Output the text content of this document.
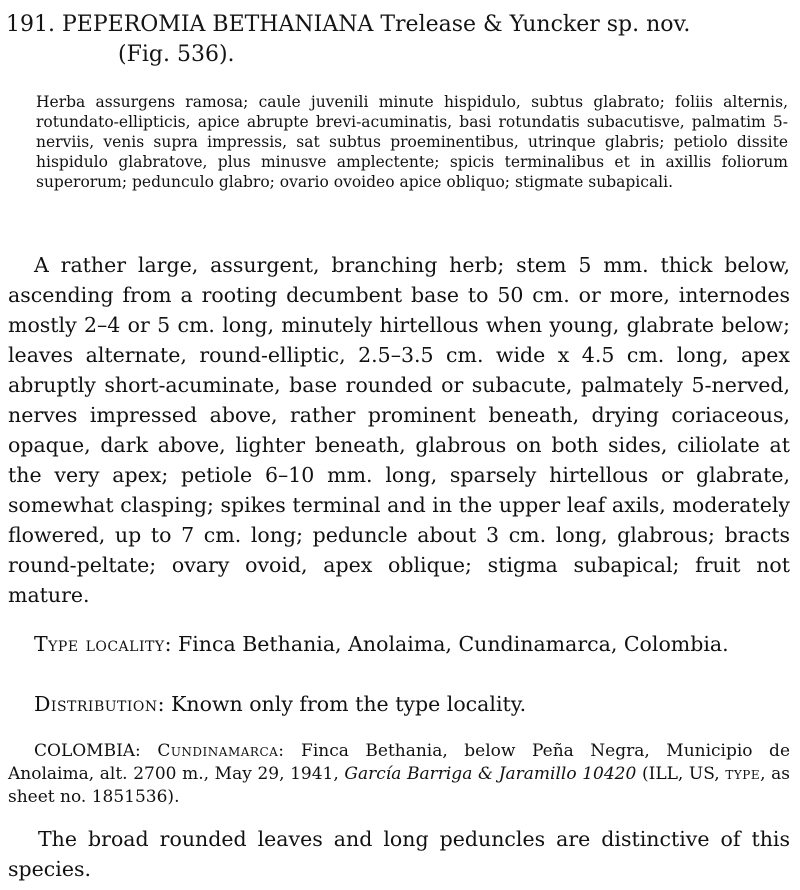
191. PEPEROMIA BETHANIANA Trelease & Yuncker sp. nov.
(Fig. 536).

Herba assurgens ramosa; caule juvenili minute hispidulo, subtus glabrato; foliis alternis, rotundato-ellipticis, apice abrupte brevi-acuminatis, basi rotundatis subacutisve, palmatim 5-nerviis, venis supra impressis, sat subtus proeminentibus, utrinque glabris; petiolo dissite hispidulo glabratove, plus minusve amplectente; spicis terminalibus et in axillis foliorum superorum; pedunculo glabro; ovario ovoideo apice obliquo; stigmate subapicali.

A rather large, assurgent, branching herb; stem 5 mm. thick below, ascending from a rooting decumbent base to 50 cm. or more, internodes mostly 2–4 or 5 cm. long, minutely hirtellous when young, glabrate below; leaves alternate, round-elliptic, 2.5–3.5 cm. wide x 4.5 cm. long, apex abruptly short-acuminate, base rounded or subacute, palmately 5-nerved, nerves impressed above, rather prominent beneath, drying coriaceous, opaque, dark above, lighter beneath, glabrous on both sides, ciliolate at the very apex; petiole 6–10 mm. long, sparsely hirtellous or glabrate, somewhat clasping; spikes terminal and in the upper leaf axils, moderately flowered, up to 7 cm. long; peduncle about 3 cm. long, glabrous; bracts round-peltate; ovary ovoid, apex oblique; stigma subapical; fruit not mature.

Type locality: Finca Bethania, Anolaima, Cundinamarca, Colombia.

Distribution: Known only from the type locality.

COLOMBIA: Cundinamarca: Finca Bethania, below Peña Negra, Municipio de Anolaima, alt. 2700 m., May 29, 1941, García Barriga & Jaramillo 10420 (ILL, US, type, as sheet no. 1851536).

The broad rounded leaves and long peduncles are distinctive of this species.
